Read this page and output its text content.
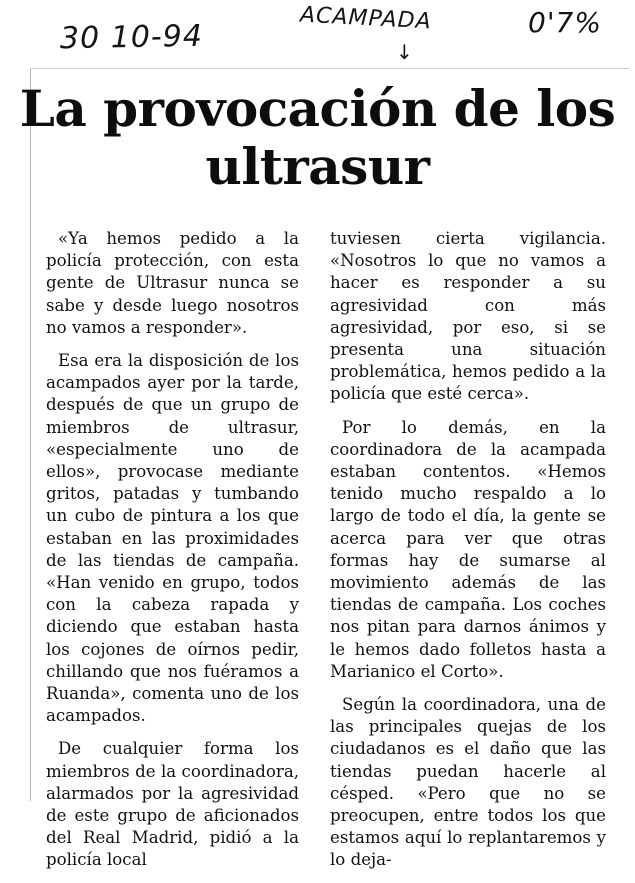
30 10-94
ACAMPADA
↓
0'7%
La provocación de los ultrasur

«Ya hemos pedido a la policía protección, con esta gente de Ultrasur nunca se sabe y desde luego nosotros no vamos a responder».

Esa era la disposición de los acampados ayer por la tarde, después de que un grupo de miembros de ultrasur, «especialmente uno de ellos», provocase mediante gritos, patadas y tumbando un cubo de pintura a los que estaban en las proximidades de las tiendas de campaña. «Han venido en grupo, todos con la cabeza rapada y diciendo que estaban hasta los cojones de oírnos pedir, chillando que nos fuéramos a Ruanda», comenta uno de los acampados.

De cualquier forma los miembros de la coordinadora, alarmados por la agresividad de este grupo de aficionados del Real Madrid, pidió a la policía local

tuviesen cierta vigilancia. «Nosotros lo que no vamos a hacer es responder a su agresividad con más agresividad, por eso, si se presenta una situación problemática, hemos pedido a la policía que esté cerca».

Por lo demás, en la coordinadora de la acampada estaban contentos. «Hemos tenido mucho respaldo a lo largo de todo el día, la gente se acerca para ver que otras formas hay de sumarse al movimiento además de las tiendas de campaña. Los coches nos pitan para darnos ánimos y le hemos dado folletos hasta a Marianico el Corto».

Según la coordinadora, una de las principales quejas de los ciudadanos es el daño que las tiendas puedan hacerle al césped. «Pero que no se preocupen, entre todos los que estamos aquí lo replantaremos y lo deja-
